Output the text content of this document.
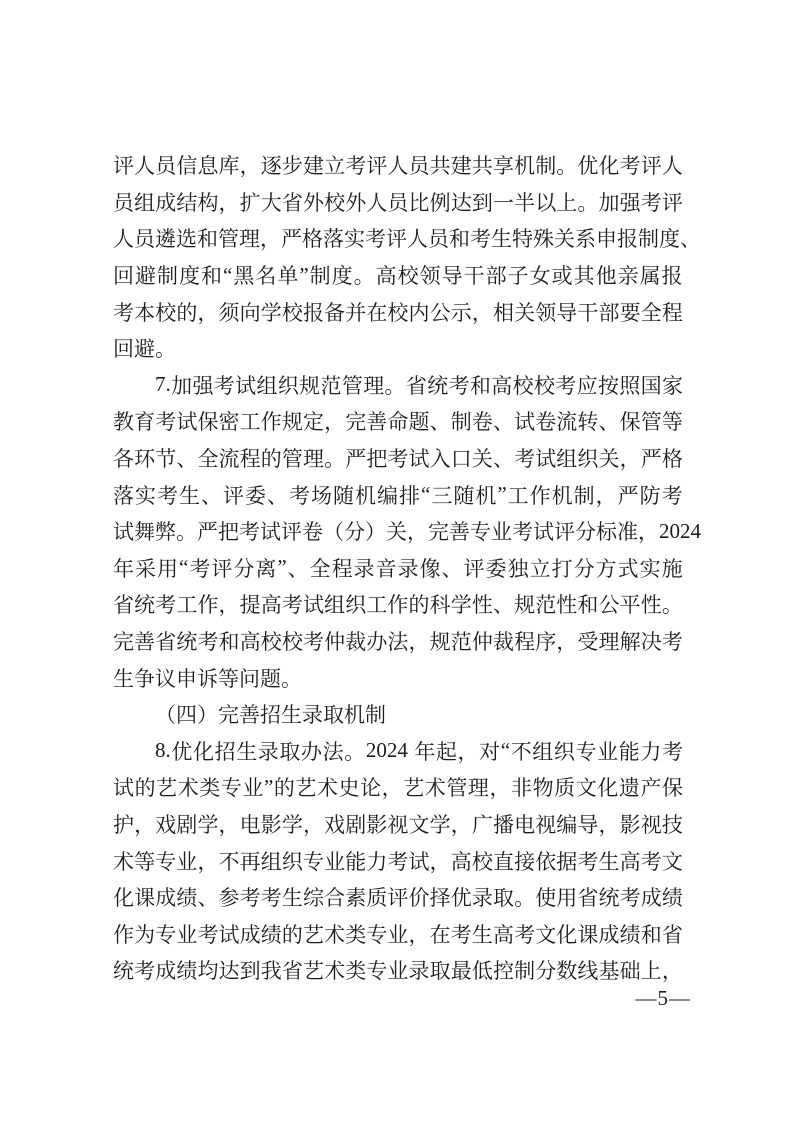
评 人 员 信 息 库 ， 逐 步 建 立 考 评 人 员 共 建 共 享 机 制 。 优 化 考 评 人
员 组 成 结 构 ， 扩 大 省 外 校 外 人 员 比 例 达 到 一 半 以 上 。 加 强 考 评
人 员 遴 选 和 管 理 ， 严 格 落 实 考 评 人 员 和 考 生 特 殊 关 系 申 报 制 度 、
回 避 制 度 和 “ 黑 名 单 ” 制 度 。 高 校 领 导 干 部 子 女 或 其 他 亲 属 报
考 本 校 的 ， 须 向 学 校 报 备 并 在 校 内 公 示 ， 相 关 领 导 干 部 要 全 程
回 避 。
7. 加 强 考 试 组 织 规 范 管 理 。 省 统 考 和 高 校 校 考 应 按 照 国 家
教 育 考 试 保 密 工 作 规 定 ， 完 善 命 题 、 制 卷 、 试 卷 流 转 、 保 管 等
各 环 节 、 全 流 程 的 管 理 。 严 把 考 试 入 口 关 、 考 试 组 织 关 ， 严 格
落 实 考 生 、 评 委 、 考 场 随 机 编 排 “ 三 随 机 ” 工 作 机 制 ， 严 防 考
试 舞 弊 。 严 把 考 试 评 卷 （ 分 ） 关 ， 完 善 专 业 考 试 评 分 标 准 ， 2024
年 采 用 “ 考 评 分 离 ” 、 全 程 录 音 录 像 、 评 委 独 立 打 分 方 式 实 施
省 统 考 工 作 ， 提 高 考 试 组 织 工 作 的 科 学 性 、 规 范 性 和 公 平 性 。
完 善 省 统 考 和 高 校 校 考 仲 裁 办 法 ， 规 范 仲 裁 程 序 ， 受 理 解 决 考
生 争 议 申 诉 等 问 题 。
（ 四 ） 完 善 招 生 录 取 机 制
8. 优 化 招 生 录 取 办 法 。 2024
年 起 ， 对 “ 不 组 织 专 业 能 力 考
试 的 艺 术 类 专 业 ” 的 艺 术 史 论 ， 艺 术 管 理 ， 非 物 质 文 化 遗 产 保
护 ， 戏 剧 学 ， 电 影 学 ， 戏 剧 影 视 文 学 ， 广 播 电 视 编 导 ， 影 视 技
术 等 专 业 ， 不 再 组 织 专 业 能 力 考 试 ， 高 校 直 接 依 据 考 生 高 考 文
化 课 成 绩 、 参 考 考 生 综 合 素 质 评 价 择 优 录 取 。 使 用 省 统 考 成 绩
作 为 专 业 考 试 成 绩 的 艺 术 类 专 业 ， 在 考 生 高 考 文 化 课 成 绩 和 省
统 考 成 绩 均 达 到 我 省 艺 术 类 专 业 录 取 最 低 控 制 分 数 线 基 础 上 ，
—5—
